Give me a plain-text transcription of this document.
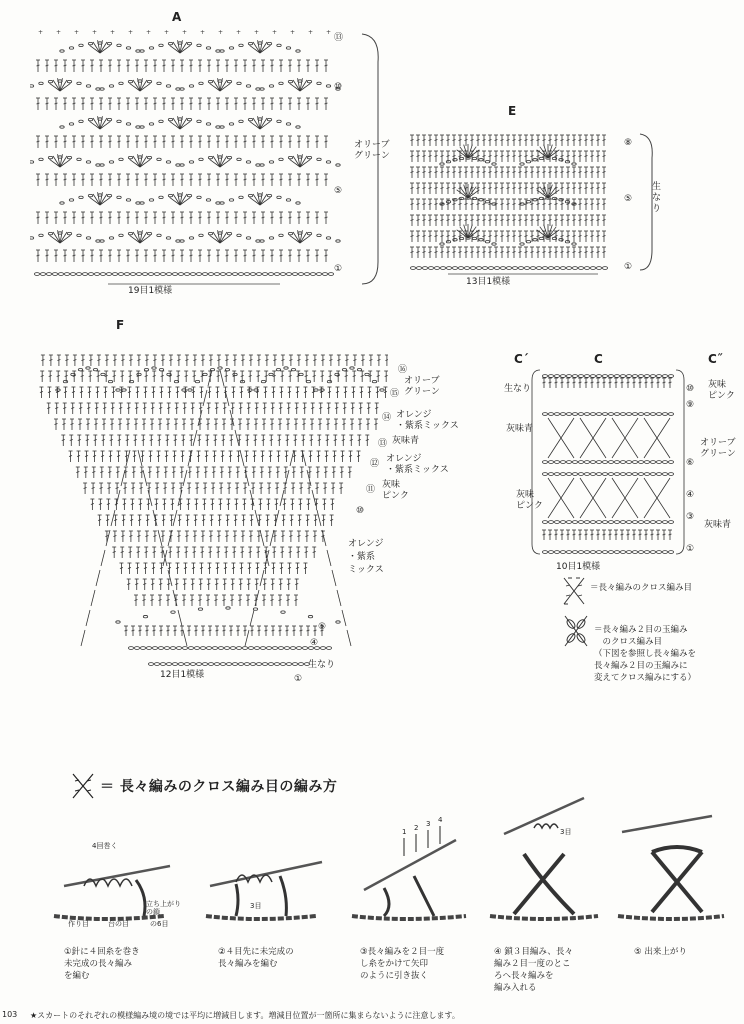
A
+ + + + + + + + + + + + + + + + +
⑬
⑩
⑤
①
オリーブ
グリーン
19目1模様
E
⑧
⑤
①
生
な
り
13目1模様
F
⑯
オリーブ
グリーン
⑮
⑭ オレンジ
・紫系ミックス
⑬ 灰味青
⑫ オレンジ
・紫系ミックス
⑪ 灰味
ピンク
⑩
オレンジ
・紫系
ミックス
⑤
④
生なり
①
12目1模様
C´	C	C˝
生なり
灰味青
灰味
ピンク
⑩ 灰味
ピンク
⑨
オリーブ
グリーン
⑥
④
③
灰味青
①
10目1模様
＝長々編みのクロス編み目
＝長々編み２目の玉編み
　のクロス編み目
（下図を参照し長々編みを
長々編み２目の玉編みに
変えてクロス編みにする）
＝ 長々編みのクロス編み目の編み方
4回巻く
作り目	台の目
立ち上がり
の鎖
の6目
3目
1 2 3 4
3目
①針に４回糸を巻き
未完成の長々編み
を編む
②４目先に未完成の
長々編みを編む
③長々編みを２目一度
し糸をかけて矢印
のように引き抜く
④ 鎖３目編み、長々
編み２目一度のとこ
ろへ長々編みを
編み入れる
⑤ 出来上がり
103 ★スカートのそれぞれの模様編み境の境では平均に増減目します。増減目位置が一箇所に集まらないように注意します。
